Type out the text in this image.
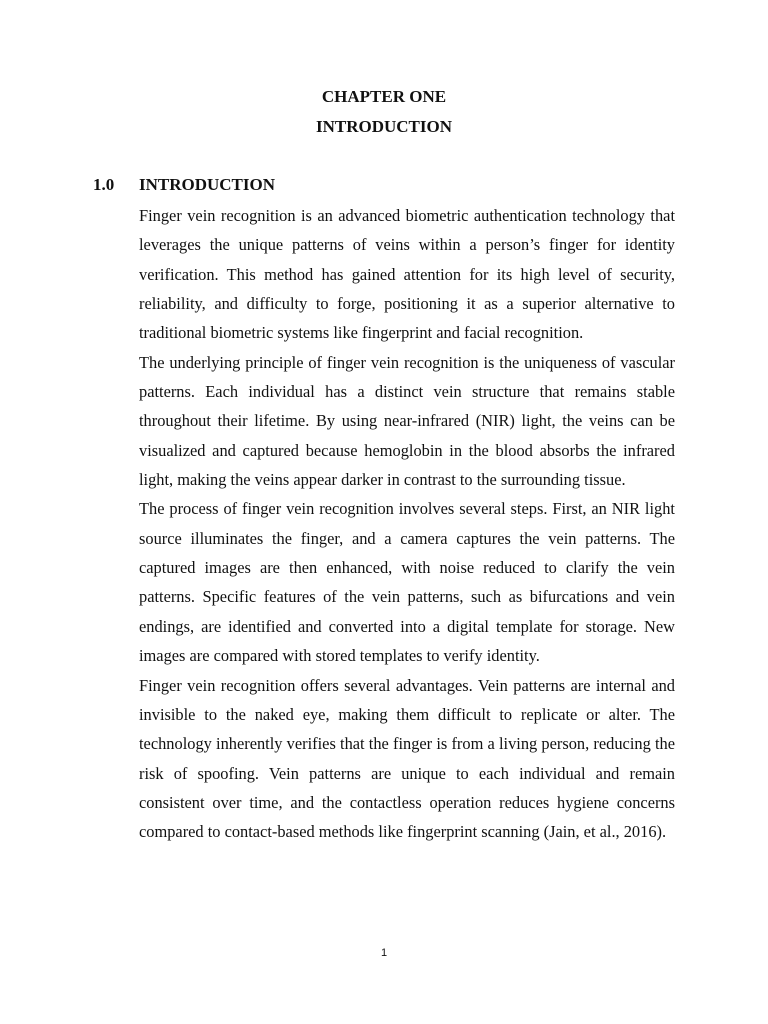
CHAPTER ONE
INTRODUCTION
1.0 INTRODUCTION

Finger vein recognition is an advanced biometric authentication technology that leverages the unique patterns of veins within a person’s finger for identity verification. This method has gained attention for its high level of security, reliability, and difficulty to forge, positioning it as a superior alternative to traditional biometric systems like fingerprint and facial recognition.

The underlying principle of finger vein recognition is the uniqueness of vascular patterns. Each individual has a distinct vein structure that remains stable throughout their lifetime. By using near-infrared (NIR) light, the veins can be visualized and captured because hemoglobin in the blood absorbs the infrared light, making the veins appear darker in contrast to the surrounding tissue.

The process of finger vein recognition involves several steps. First, an NIR light source illuminates the finger, and a camera captures the vein patterns. The captured images are then enhanced, with noise reduced to clarify the vein patterns. Specific features of the vein patterns, such as bifurcations and vein endings, are identified and converted into a digital template for storage. New images are compared with stored templates to verify identity.

Finger vein recognition offers several advantages. Vein patterns are internal and invisible to the naked eye, making them difficult to replicate or alter. The technology inherently verifies that the finger is from a living person, reducing the risk of spoofing. Vein patterns are unique to each individual and remain consistent over time, and the contactless operation reduces hygiene concerns compared to contact-based methods like fingerprint scanning (Jain, et al., 2016).

1
